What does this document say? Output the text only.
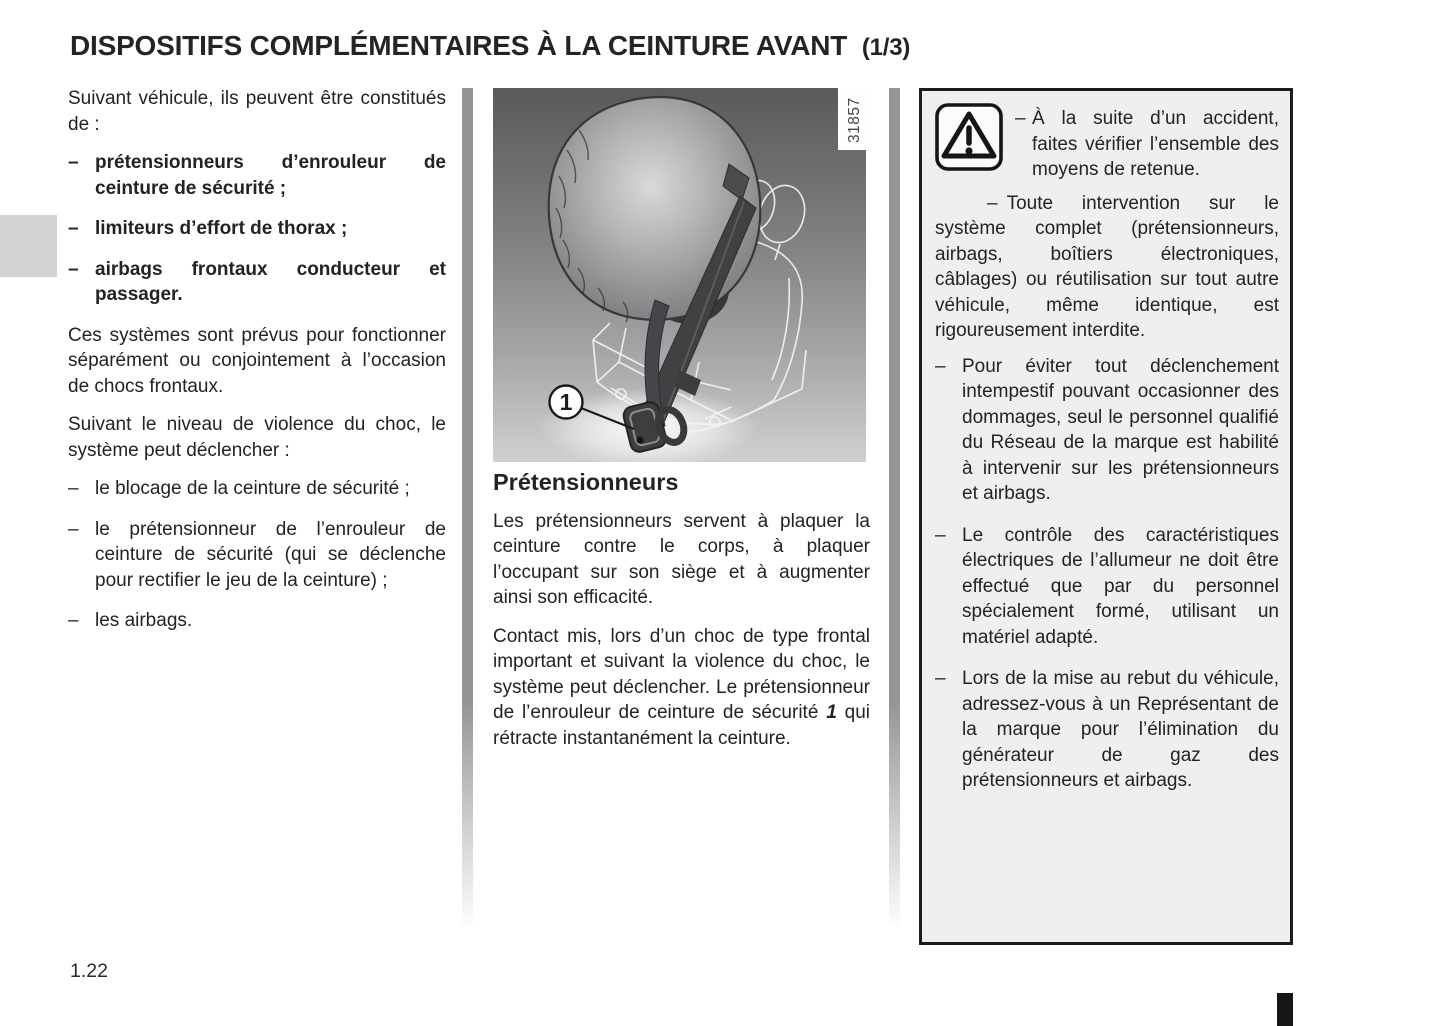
DISPOSITIFS COMPLÉMENTAIRES À LA CEINTURE AVANT (1/3)

Suivant véhicule, ils peuvent être constitués de :

– prétensionneurs d’enrouleur de ceinture de sécurité ;
– limiteurs d’effort de thorax ;
– airbags frontaux conducteur et passager.

Ces systèmes sont prévus pour fonctionner séparément ou conjointement à l’occasion de chocs frontaux.

Suivant le niveau de violence du choc, le système peut déclencher :

– le blocage de la ceinture de sécurité ;
– le prétensionneur de l’enrouleur de ceinture de sécurité (qui se déclenche pour rectifier le jeu de la ceinture) ;
– les airbags.
1
31857
Prétensionneurs

Les prétensionneurs servent à plaquer la ceinture contre le corps, à plaquer l’occupant sur son siège et à augmenter ainsi son efficacité.

Contact mis, lors d’un choc de type frontal important et suivant la violence du choc, le système peut déclencher. Le prétensionneur de l’enrouleur de ceinture de sécurité 1 qui rétracte instantanément la ceinture.

– À la suite d’un accident, faites vérifier l’ensemble des moyens de retenue.

– Toute intervention sur le système complet (prétensionneurs, airbags, boîtiers électroniques, câblages) ou réutilisation sur tout autre véhicule, même identique, est rigoureusement interdite.

– Pour éviter tout déclenchement intempestif pouvant occasionner des dommages, seul le personnel qualifié du Réseau de la marque est habilité à intervenir sur les prétensionneurs et airbags.
– Le contrôle des caractéristiques électriques de l’allumeur ne doit être effectué que par du personnel spécialement formé, utilisant un matériel adapté.
– Lors de la mise au rebut du véhicule, adressez-vous à un Représentant de la marque pour l’élimination du générateur de gaz des prétensionneurs et airbags.
1.22
